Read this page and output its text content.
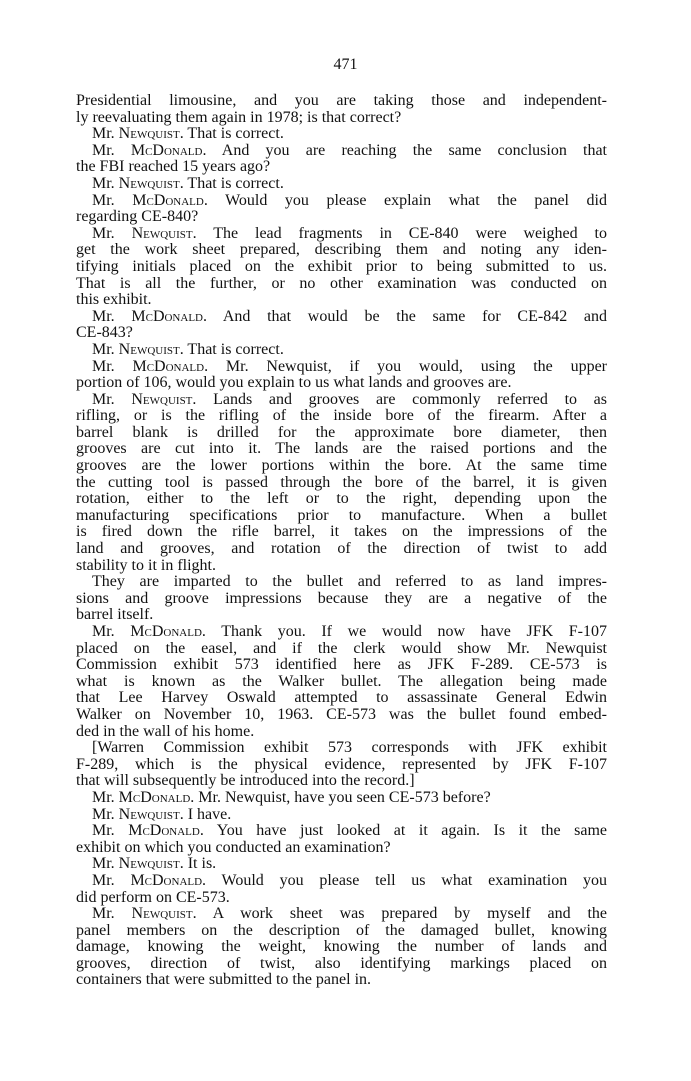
471
Presidential limousine, and you are taking those and independent-
ly reevaluating them again in 1978; is that correct?
Mr. Newquist. That is correct.
Mr. McDonald. And you are reaching the same conclusion that
the FBI reached 15 years ago?
Mr. Newquist. That is correct.
Mr. McDonald. Would you please explain what the panel did
regarding CE-840?
Mr. Newquist. The lead fragments in CE-840 were weighed to
get the work sheet prepared, describing them and noting any iden-
tifying initials placed on the exhibit prior to being submitted to us.
That is all the further, or no other examination was conducted on
this exhibit.
Mr. McDonald. And that would be the same for CE-842 and
CE-843?
Mr. Newquist. That is correct.
Mr. McDonald. Mr. Newquist, if you would, using the upper
portion of 106, would you explain to us what lands and grooves are.
Mr. Newquist. Lands and grooves are commonly referred to as
rifling, or is the rifling of the inside bore of the firearm. After a
barrel blank is drilled for the approximate bore diameter, then
grooves are cut into it. The lands are the raised portions and the
grooves are the lower portions within the bore. At the same time
the cutting tool is passed through the bore of the barrel, it is given
rotation, either to the left or to the right, depending upon the
manufacturing specifications prior to manufacture. When a bullet
is fired down the rifle barrel, it takes on the impressions of the
land and grooves, and rotation of the direction of twist to add
stability to it in flight.
They are imparted to the bullet and referred to as land impres-
sions and groove impressions because they are a negative of the
barrel itself.
Mr. McDonald. Thank you. If we would now have JFK F-107
placed on the easel, and if the clerk would show Mr. Newquist
Commission exhibit 573 identified here as JFK F-289. CE-573 is
what is known as the Walker bullet. The allegation being made
that Lee Harvey Oswald attempted to assassinate General Edwin
Walker on November 10, 1963. CE-573 was the bullet found embed-
ded in the wall of his home.
[Warren Commission exhibit 573 corresponds with JFK exhibit
F-289, which is the physical evidence, represented by JFK F-107
that will subsequently be introduced into the record.]
Mr. McDonald. Mr. Newquist, have you seen CE-573 before?
Mr. Newquist. I have.
Mr. McDonald. You have just looked at it again. Is it the same
exhibit on which you conducted an examination?
Mr. Newquist. It is.
Mr. McDonald. Would you please tell us what examination you
did perform on CE-573.
Mr. Newquist. A work sheet was prepared by myself and the
panel members on the description of the damaged bullet, knowing
damage, knowing the weight, knowing the number of lands and
grooves, direction of twist, also identifying markings placed on
containers that were submitted to the panel in.
